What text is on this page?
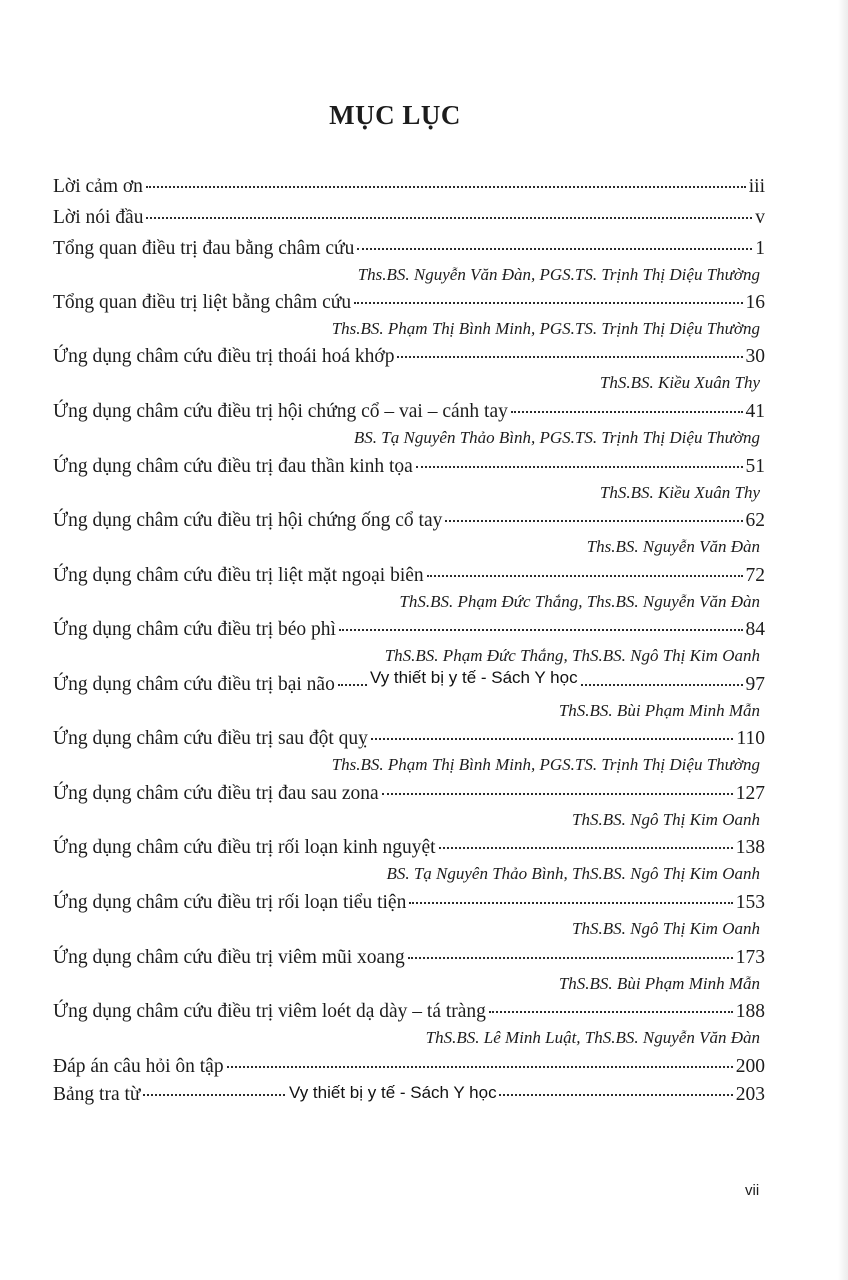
MỤC LỤC
Lời cảm ơn	iii
Lời nói đầu	v
Tổng quan điều trị đau bằng châm cứu	1
Ths.BS. Nguyễn Văn Đàn, PGS.TS. Trịnh Thị Diệu Thường
Tổng quan điều trị liệt bằng châm cứu	16
Ths.BS. Phạm Thị Bình Minh, PGS.TS. Trịnh Thị Diệu Thường
Ứng dụng châm cứu điều trị thoái hoá khớp	30
ThS.BS. Kiều Xuân Thy
Ứng dụng châm cứu điều trị hội chứng cổ – vai – cánh tay	41
BS. Tạ Nguyên Thảo Bình, PGS.TS. Trịnh Thị Diệu Thường
Ứng dụng châm cứu điều trị đau thần kinh tọa	51
ThS.BS. Kiều Xuân Thy
Ứng dụng châm cứu điều trị hội chứng ống cổ tay	62
Ths.BS. Nguyễn Văn Đàn
Ứng dụng châm cứu điều trị liệt mặt ngoại biên	72
ThS.BS. Phạm Đức Thắng, Ths.BS. Nguyễn Văn Đàn
Ứng dụng châm cứu điều trị béo phì	84
ThS.BS. Phạm Đức Thắng, ThS.BS. Ngô Thị Kim Oanh
Ứng dụng châm cứu điều trị bại não	97
ThS.BS. Bùi Phạm Minh Mẫn
Ứng dụng châm cứu điều trị sau đột quỵ	110
Ths.BS. Phạm Thị Bình Minh, PGS.TS. Trịnh Thị Diệu Thường
Ứng dụng châm cứu điều trị đau sau zona	127
ThS.BS. Ngô Thị Kim Oanh
Ứng dụng châm cứu điều trị rối loạn kinh nguyệt	138
BS. Tạ Nguyên Thảo Bình, ThS.BS. Ngô Thị Kim Oanh
Ứng dụng châm cứu điều trị rối loạn tiểu tiện	153
ThS.BS. Ngô Thị Kim Oanh
Ứng dụng châm cứu điều trị viêm mũi xoang	173
ThS.BS. Bùi Phạm Minh Mẫn
Ứng dụng châm cứu điều trị viêm loét dạ dày – tá tràng	188
ThS.BS. Lê Minh Luật, ThS.BS. Nguyễn Văn Đàn
Đáp án câu hỏi ôn tập	200
Bảng tra từ	203
Vy thiết bị y tế - Sách Y học
Vy thiết bị y tế - Sách Y học
vii
